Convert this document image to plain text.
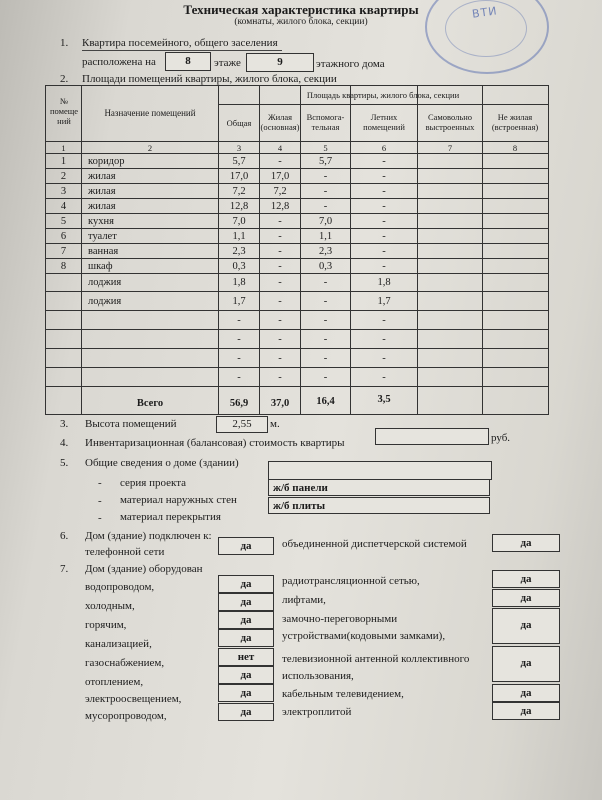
ВТИ
Техническая характеристика квартиры
(комнаты, жилого блока, секции)
1. Квартира посемейного, общего заселения
расположена на	8	этаже	9	этажного дома
2. Площади помещений квартиры, жилого блока, секции
№ помеще ний
Назначение помещений
Площадь квартиры, жилого блока, секции
Общая
Жилая (основная)
Вспомога- тельная
Летних помещений
Самовольно выстроенных
Не жилая (встроенная)
1	2	3	4	5	6	7	8
1	коридор	5,7	-	5,7	-
2	жилая	17,0	17,0	-	-
3	жилая	7,2	7,2	-	-
4	жилая	12,8	12,8	-	-
5	кухня	7,0	-	7,0	-
6	туалет	1,1	-	1,1	-
7	ванная	2,3	-	2,3	-
8	шкаф	0,3	-	0,3	-
лоджия	1,8	-	-	1,8
лоджия	1,7	-	-	1,7
-	-	-	-
-	-	-	-
-	-	-	-
-	-	-	-
Всего	56,9	37,0	16,4	3,5
3. Высота помещений	2,55	м.
4. Инвентаризационная (балансовая) стоимость квартиры	руб.
5. Общие сведения о доме (здании)
- серия проекта
- материал наружных стен
ж/б панели
- материал перекрытия
ж/б плиты
6. Дом (здание) подключен к:
телефонной сети	да	объединенной диспетчерской системой	да
7. Дом (здание) оборудован
водопроводом,	да
холодным,	да
горячим,	да
канализацией,	да
газоснабжением,	нет
отоплением,
да
электроосвещением,	да
мусоропроводом,	да
радиотрансляционной сетью,	да
лифтами,	да
замочно-переговорными
устройствами(кодовыми замками),
да
телевизионной антенной коллективного
использования,
да
кабельным телевидением,	да
электроплитой	да
